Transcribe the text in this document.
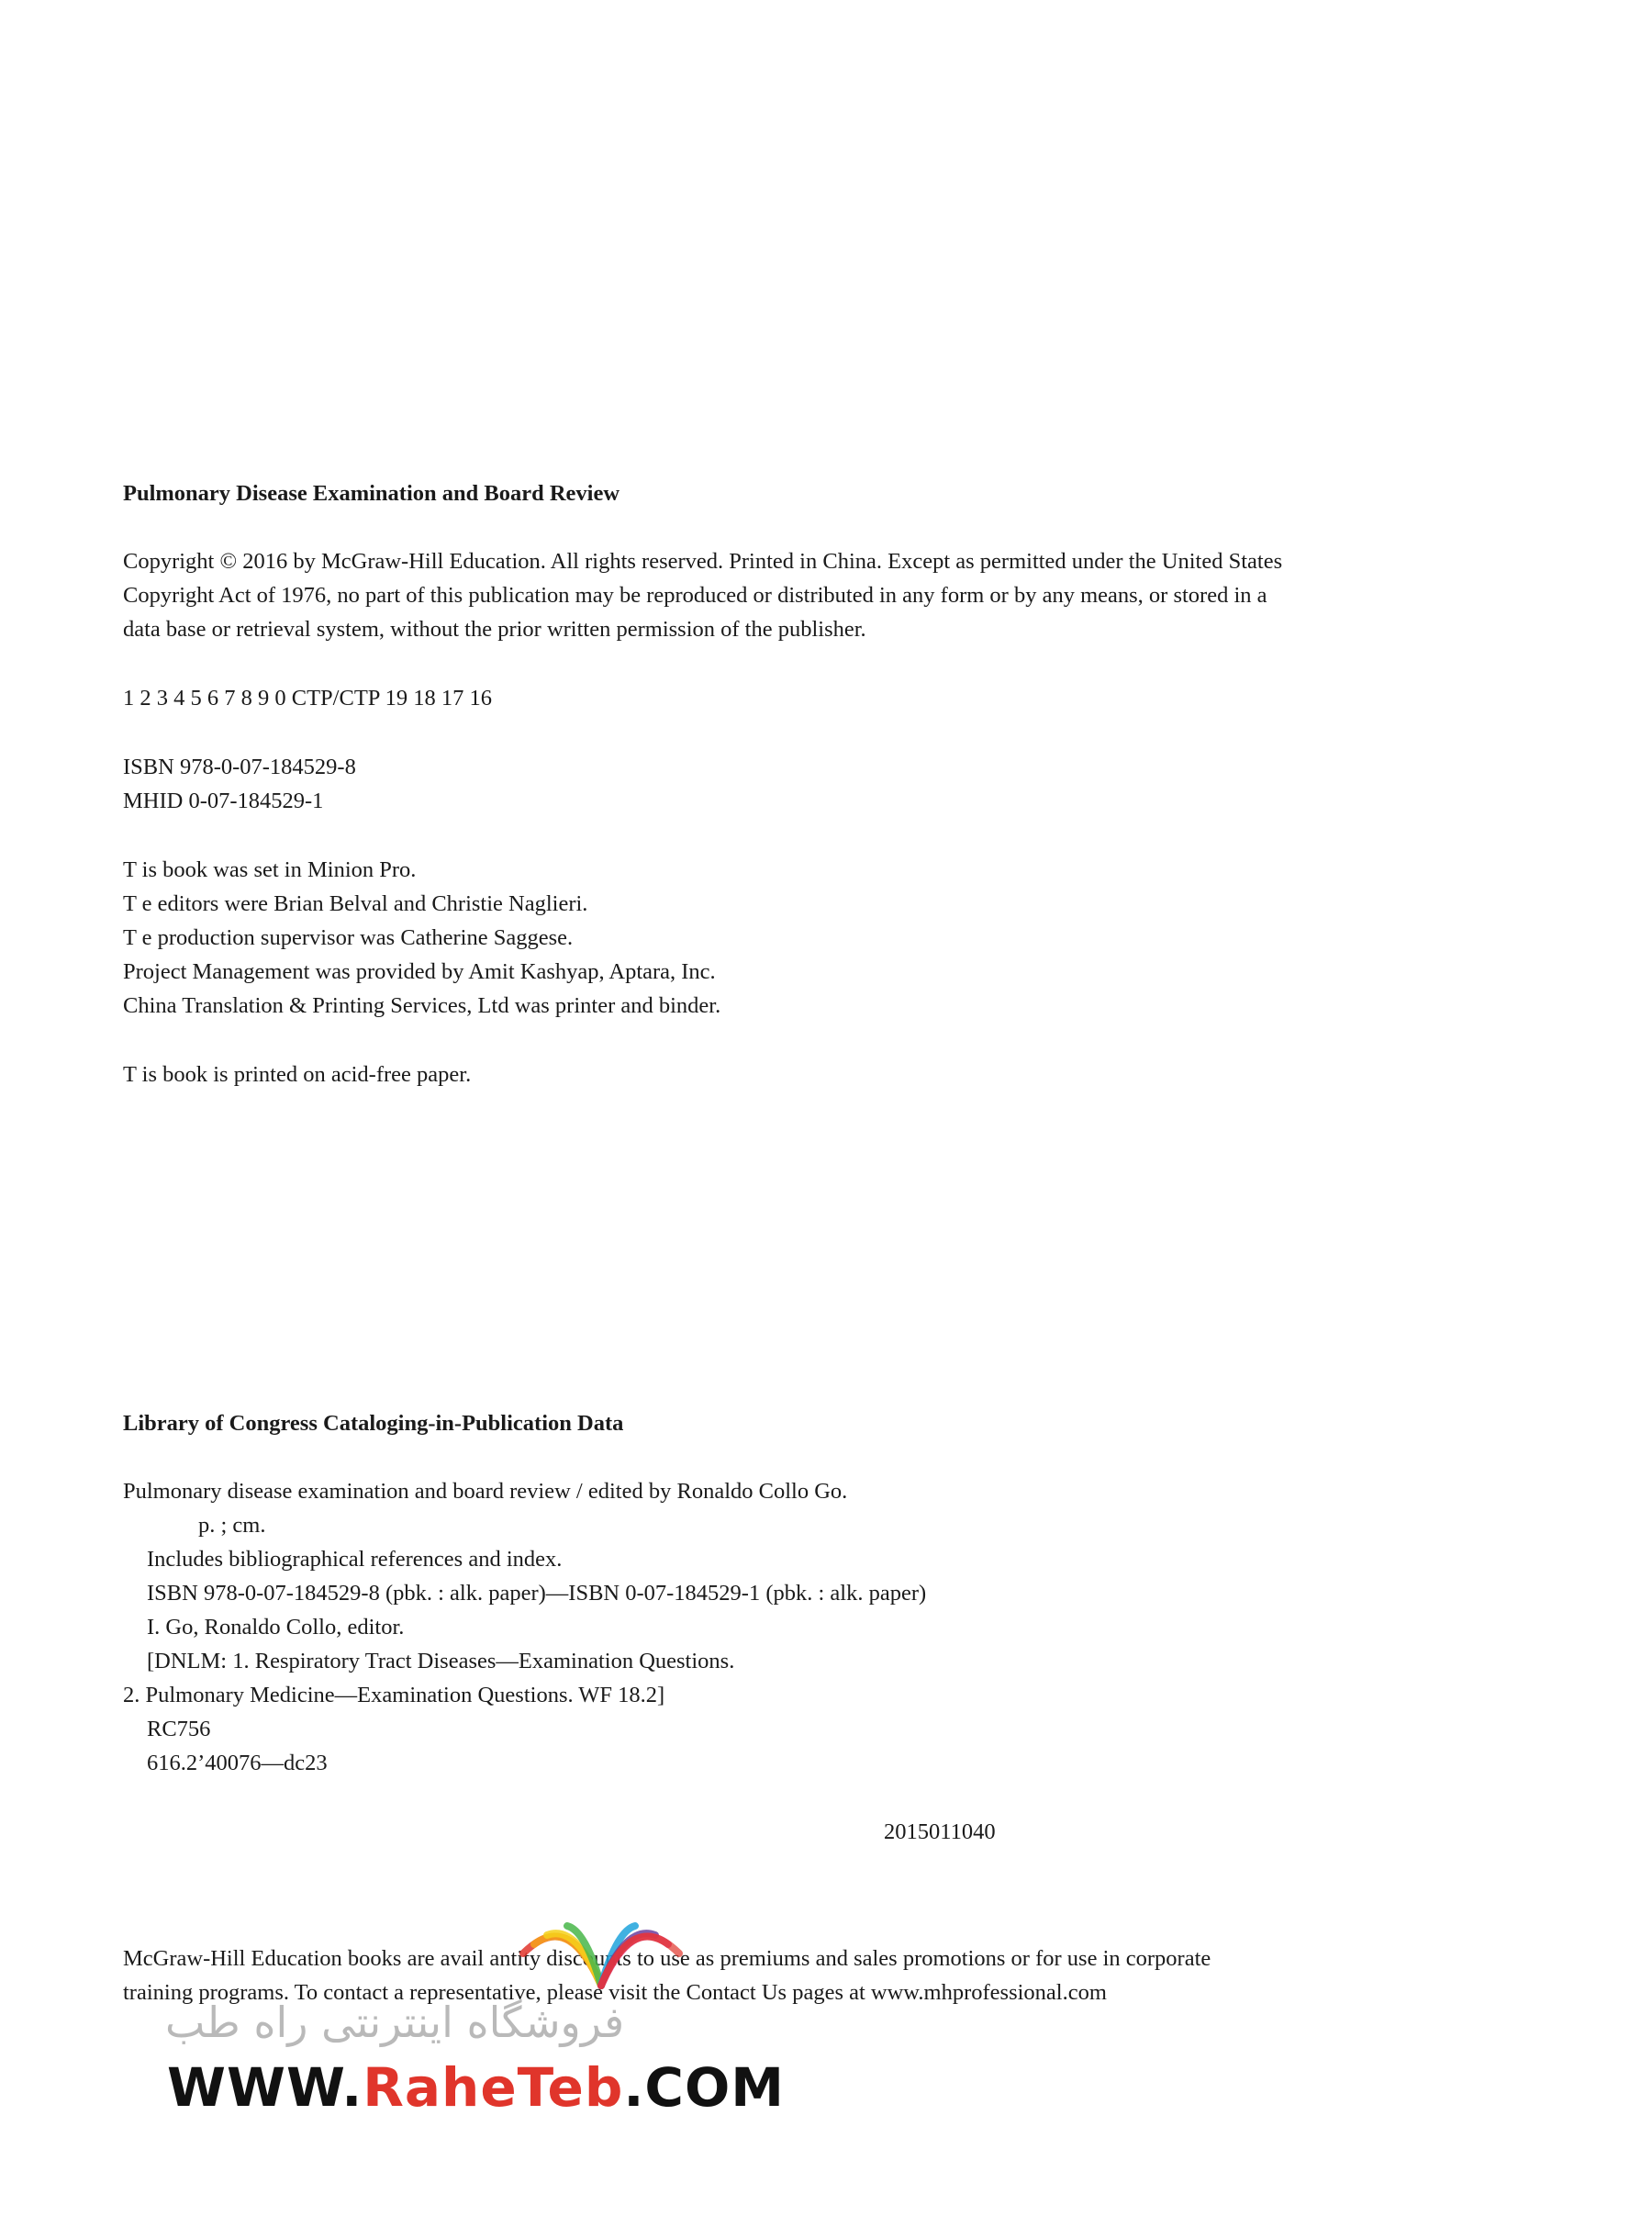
Pulmonary Disease Examination and Board Review
Copyright © 2016 by McGraw-Hill Education. All rights reserved. Printed in China. Except as permitted under the United States
Copyright Act of 1976, no part of this publication may be reproduced or distributed in any form or by any means, or stored in a
data base or retrieval system, without the prior written permission of the publisher.
1 2 3 4 5 6 7 8 9 0 CTP/CTP 19 18 17 16
ISBN 978-0-07-184529-8
MHID 0-07-184529-1
T is book was set in Minion Pro.
T e editors were Brian Belval and Christie Naglieri.
T e production supervisor was Catherine Saggese.
Project Management was provided by Amit Kashyap, Aptara, Inc.
China Translation & Printing Services, Ltd was printer and binder.
T is book is printed on acid-free paper.
Library of Congress Cataloging-in-Publication Data
Pulmonary disease examination and board review / edited by Ronaldo Collo Go.
p. ; cm.
Includes bibliographical references and index.
ISBN 978-0-07-184529-8 (pbk. : alk. paper)—ISBN 0-07-184529-1 (pbk. : alk. paper)
I. Go, Ronaldo Collo, editor.
[DNLM: 1. Respiratory Tract Diseases—Examination Questions.
2. Pulmonary Medicine—Examination Questions. WF 18.2]
RC756
616.2’40076—dc23
2015011040
McGraw-Hill Education books are avail antity discounts to use as premiums and sales promotions or for use in corporate
training programs. To contact a representative, please visit the Contact Us pages at www.mhprofessional.com
فروشگاه اینترنتی راه طب
WWW.RaheTeb.COM
